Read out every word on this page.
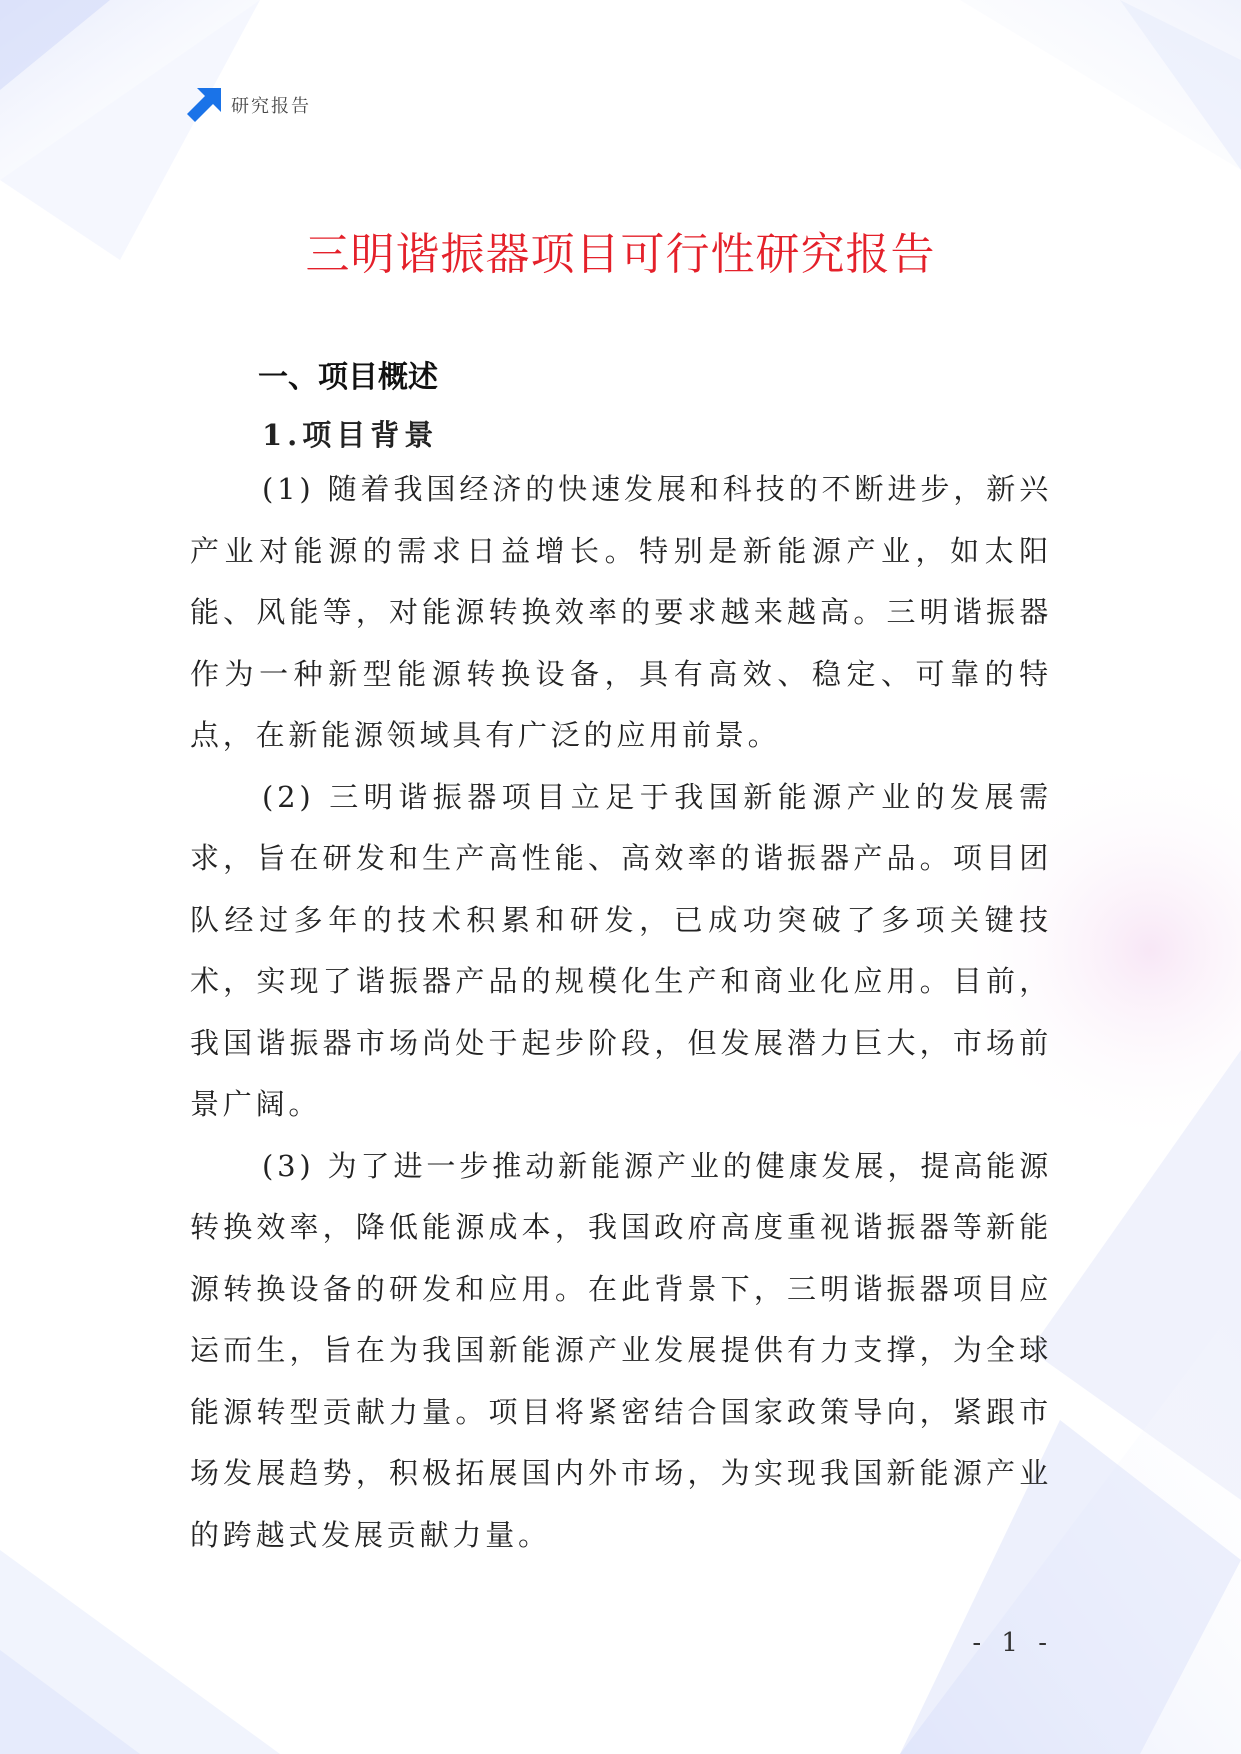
研究报告
三明谐振器项目可行性研究报告
一、项目概述
1.项目背景

(1) 随着我国经济的快速发展和科技的不断进步，新兴产业对能源的需求日益增长。特别是新能源产业，如太阳能、风能等，对能源转换效率的要求越来越高。三明谐振器作为一种新型能源转换设备，具有高效、稳定、可靠的特点，在新能源领域具有广泛的应用前景。

(2) 三明谐振器项目立足于我国新能源产业的发展需求，旨在研发和生产高性能、高效率的谐振器产品。项目团队经过多年的技术积累和研发，已成功突破了多项关键技术，实现了谐振器产品的规模化生产和商业化应用。目前，我国谐振器市场尚处于起步阶段，但发展潜力巨大，市场前景广阔。

(3) 为了进一步推动新能源产业的健康发展，提高能源转换效率，降低能源成本，我国政府高度重视谐振器等新能源转换设备的研发和应用。在此背景下，三明谐振器项目应运而生，旨在为我国新能源产业发展提供有力支撑，为全球能源转型贡献力量。项目将紧密结合国家政策导向，紧跟市场发展趋势，积极拓展国内外市场，为实现我国新能源产业的跨越式发展贡献力量。

- 1 -
